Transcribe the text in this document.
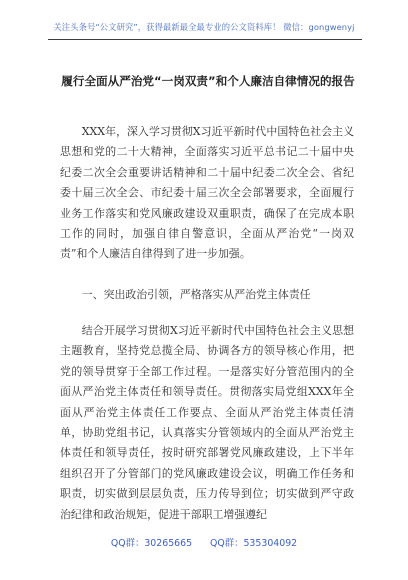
关注头条号“公文研究”，获得最新最全最专业的公文资料库！ 微信：gongwenyj
履行全面从严治党“一岗双责”和个人廉洁自律情况的报告
XXX年，深入学习贯彻X习近平新时代中国特色社会主义思想和党的二十大精神，全面落实习近平总书记二十届中央纪委二次全会重要讲话精神和二十届中纪委二次全会、省纪委十届三次全会、市纪委十届三次全会部署要求，全面履行业务工作落实和党风廉政建设双重职责，确保了在完成本职工作的同时，加强自律自警意识，全面从严治党“一岗双责”和个人廉洁自律得到了进一步加强。
一、突出政治引领，严格落实从严治党主体责任
结合开展学习贯彻X习近平新时代中国特色社会主义思想主题教育，坚持党总揽全局、协调各方的领导核心作用，把党的领导贯穿于全部工作过程。一是落实好分管范围内的全面从严治党主体责任和领导责任。贯彻落实局党组XXX年全面从严治党主体责任工作要点、全面从严治党主体责任清单，协助党组书记，认真落实分管领域内的全面从严治党主体责任和领导责任，按时研究部署党风廉政建设，上下半年组织召开了分管部门的党风廉政建设会议，明确工作任务和职责，切实做到层层负责，压力传导到位；切实做到严守政治纪律和政治规矩，促进干部职工增强遵纪
QQ群：30265665 QQ群：535304092
